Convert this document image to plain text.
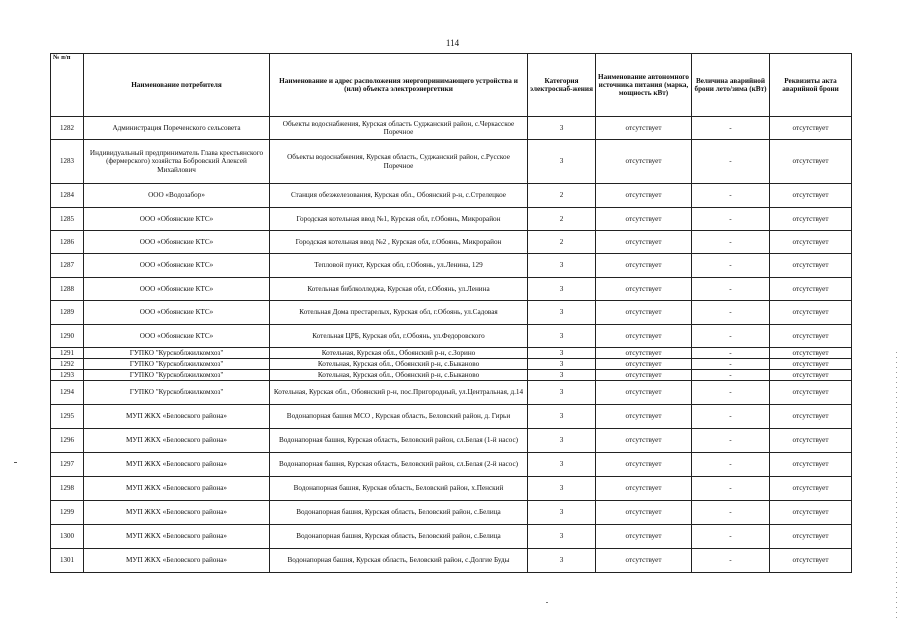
114
№ п/п	Наименование потребителя	Наименование и адрес расположения энергопринимающего устройства и (или) объекта электроэнергетики	Категория электроснаб-жения	Наименование автономного источника питания (марка, мощность кВт)	Величина аварийной брони лето/зима (кВт)	Реквизиты акта аварийной брони
1282	Администрация Пореченского сельсовета	Объекты водоснабжения, Курская область Суджанский район, с.Черкасское Поречное	3	отсутствует	-	отсутствует
1283	Индивидуальный предприниматель Глава крестьянского (фермерского) хозяйства Бобровский Алексей Михайлович	Объекты водоснабжения, Курская область, Суджанский район, с.Русское Поречное	3	отсутствует	-	отсутствует
1284	ООО «Водозабор»	Станция обезжелезования, Курская обл., Обоянский р-н, с.Стрелецкое	2	отсутствует	-	отсутствует
1285	ООО «Обоянские КТС»	Городская котельная ввод №1, Курская обл, г.Обоянь, Микрорайон	2	отсутствует	-	отсутствует
1286	ООО «Обоянские КТС»	Городская котельная ввод №2 , Курская обл, г.Обоянь, Микрорайон	2	отсутствует	-	отсутствует
1287	ООО «Обоянские КТС»	Тепловой пункт, Курская обл, г.Обоянь, ул.Ленина, 129	3	отсутствует	-	отсутствует
1288	ООО «Обоянские КТС»	Котельная библколледжа, Курская обл, г.Обоянь, ул.Ленина	3	отсутствует	-	отсутствует
1289	ООО «Обоянские КТС»	Котельная Дома престарелых, Курская обл, г.Обоянь, ул.Садовая	3	отсутствует	-	отсутствует
1290	ООО «Обоянские КТС»	Котельная ЦРБ, Курская обл, г.Обоянь, ул.Федоровского	3	отсутствует	-	отсутствует
1291	ГУПКО "Курскоблжилкомхоз"	Котельная, Курская обл., Обоянский р-н, с.Зорино	3	отсутствует	-	отсутствует
1292	ГУПКО "Курскоблжилкомхоз"	Котельная, Курская обл., Обоянский р-н, с.Быканово	3	отсутствует	-	отсутствует
1293	ГУПКО "Курскоблжилкомхоз"	Котельная, Курская обл., Обоянский р-н, с.Быканово	3	отсутствует	-	отсутствует
1294	ГУПКО "Курскоблжилкомхоз"	Котельная, Курская обл., Обоянский р-н, пос.Пригородный, ул.Центральная, д.14	3	отсутствует	-	отсутствует
1295	МУП ЖКХ «Беловского района»	Водонапорная башня МСО , Курская область, Беловский район, д. Гирьи	3	отсутствует	-	отсутствует
1296	МУП ЖКХ «Беловского района»	Водонапорная башня, Курская область, Беловский район, сл.Белая (1-й насос)	3	отсутствует	-	отсутствует
1297	МУП ЖКХ «Беловского района»	Водонапорная башня, Курская область, Беловский район, сл.Белая (2-й насос)	3	отсутствует	-	отсутствует
1298	МУП ЖКХ «Беловского района»	Водонапорная башня, Курская область, Беловский район, х.Пенский	3	отсутствует	-	отсутствует
1299	МУП ЖКХ «Беловского района»	Водонапорная башня, Курская область, Беловский район, с.Белица	3	отсутствует	-	отсутствует
1300	МУП ЖКХ «Беловского района»	Водонапорная башня, Курская область, Беловский район, с.Белица	3	отсутствует	-	отсутствует
1301	МУП ЖКХ «Беловского района»	Водонапорная башня, Курская область, Беловский район, с.Долгие Буды	3	отсутствует	-	отсутствует
